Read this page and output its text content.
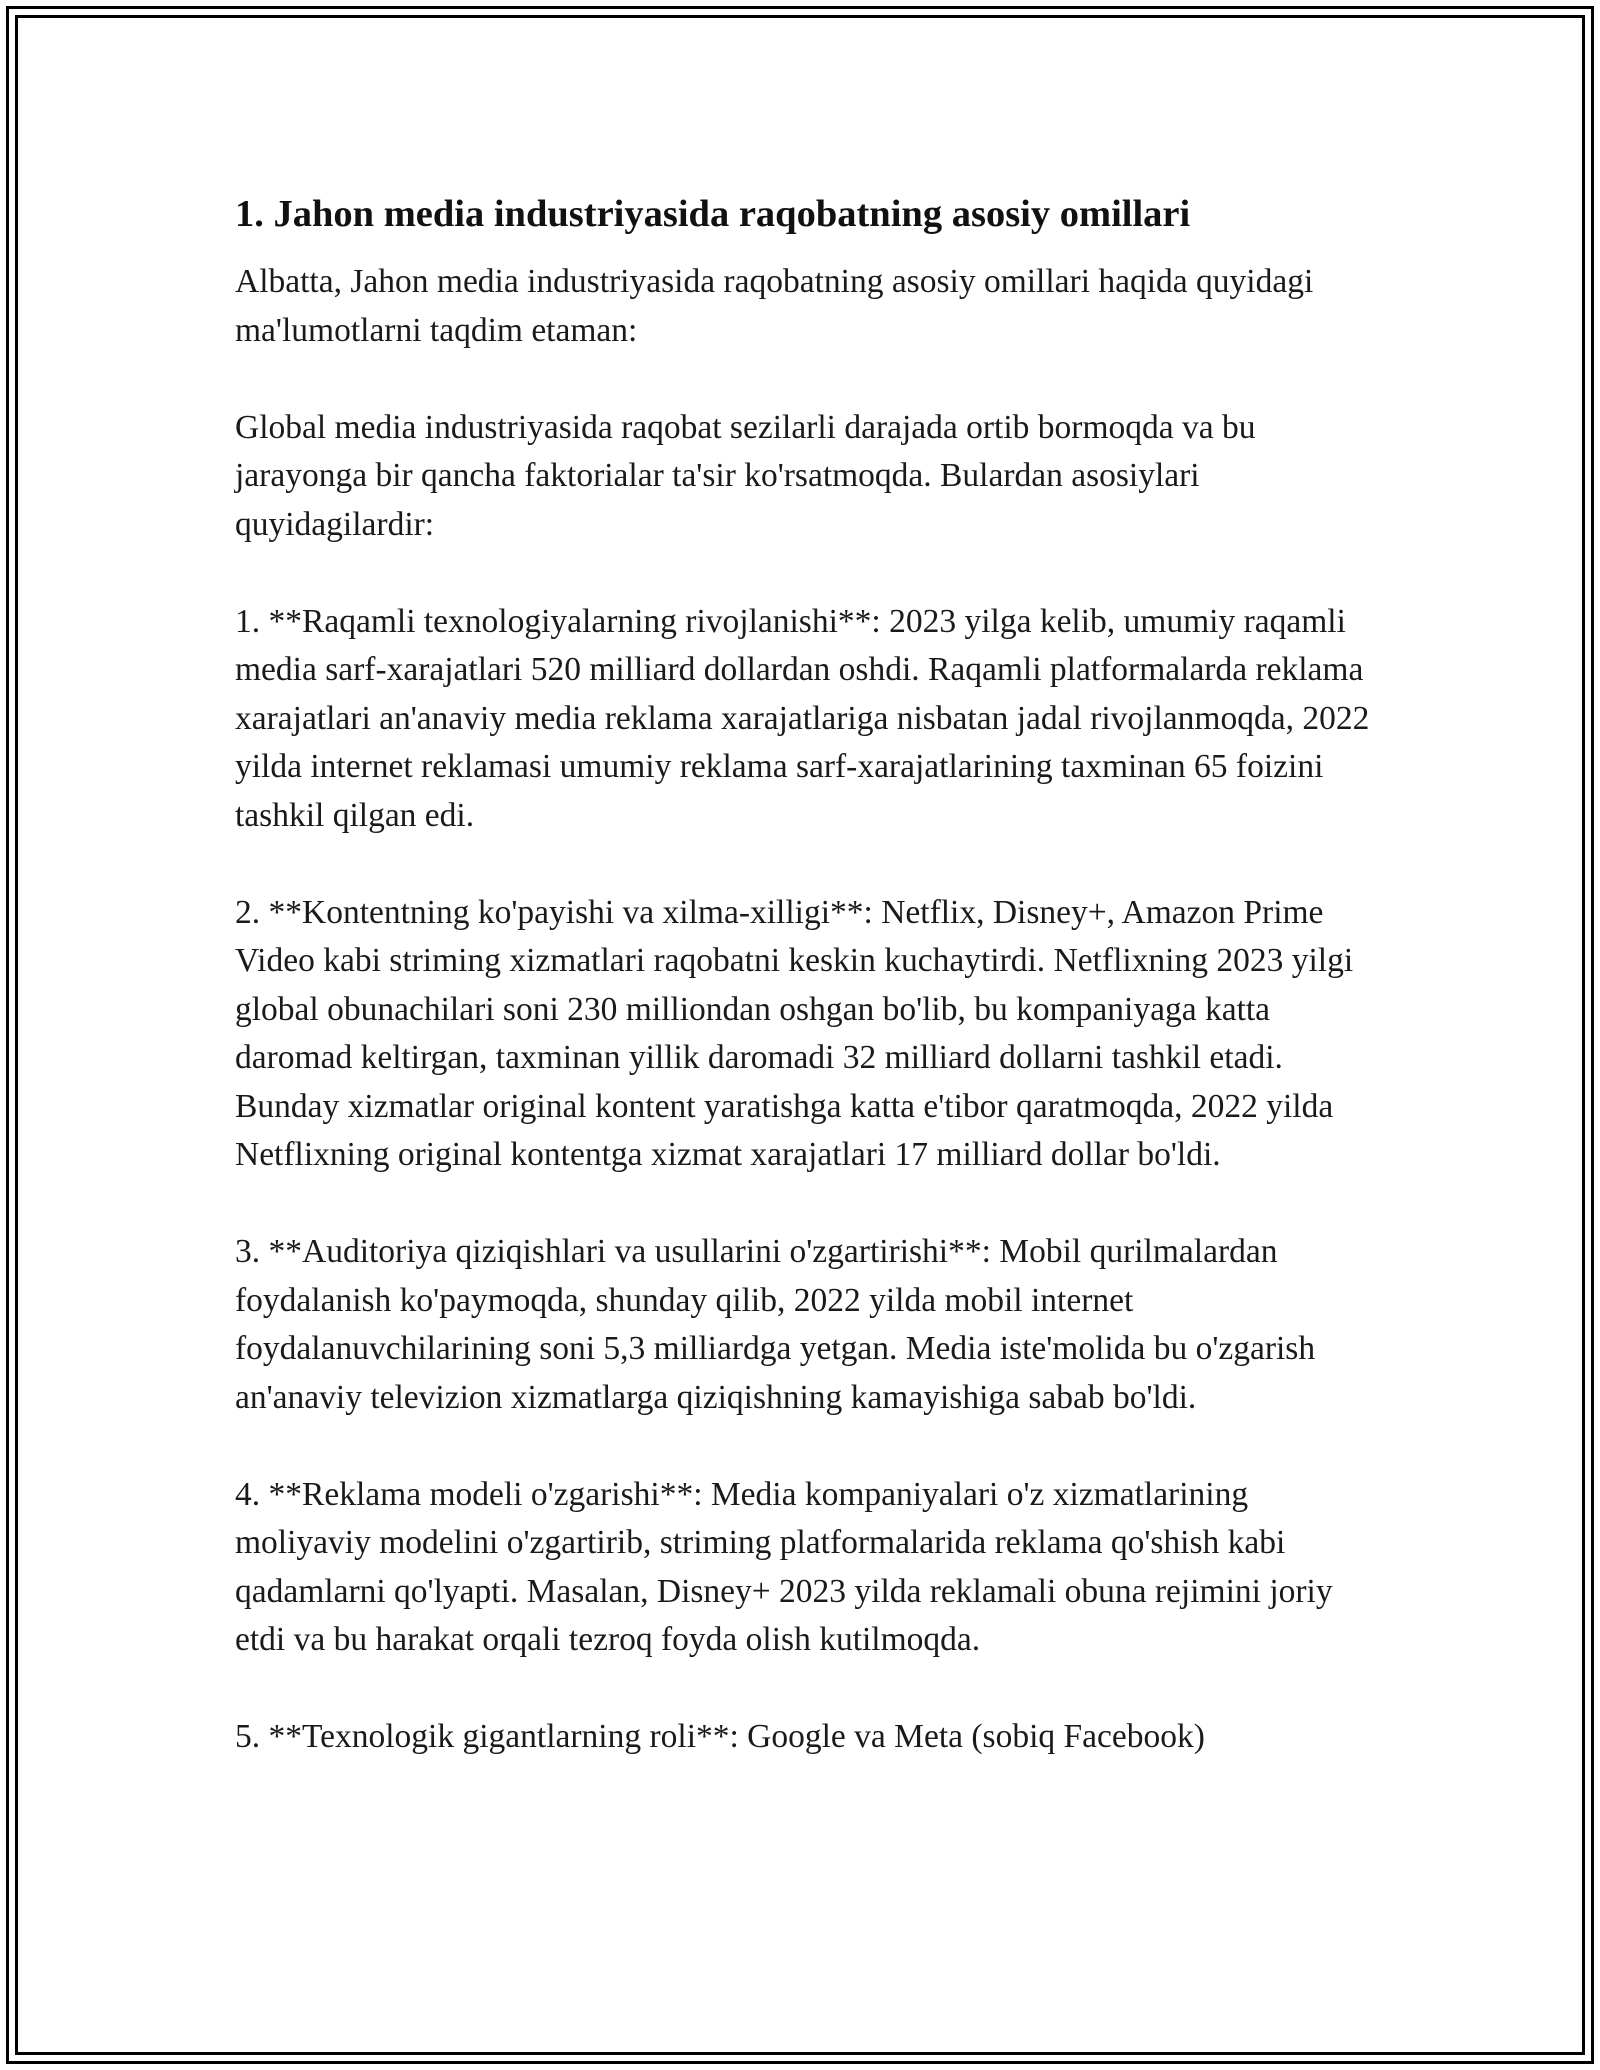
1. Jahon media industriyasida raqobatning asosiy omillari

Albatta, Jahon media industriyasida raqobatning asosiy omillari haqida quyidagi ma'lumotlarni taqdim etaman:

Global media industriyasida raqobat sezilarli darajada ortib bormoqda va bu jarayonga bir qancha faktorialar ta'sir ko'rsatmoqda. Bulardan asosiylari quyidagilardir:

1. **Raqamli texnologiyalarning rivojlanishi**: 2023 yilga kelib, umumiy raqamli media sarf-xarajatlari 520 milliard dollardan oshdi. Raqamli platformalarda reklama xarajatlari an'anaviy media reklama xarajatlariga nisbatan jadal rivojlanmoqda, 2022 yilda internet reklamasi umumiy reklama sarf-xarajatlarining taxminan 65 foizini tashkil qilgan edi.

2. **Kontentning ko'payishi va xilma-xilligi**: Netflix, Disney+, Amazon Prime Video kabi striming xizmatlari raqobatni keskin kuchaytirdi. Netflixning 2023 yilgi global obunachilari soni 230 milliondan oshgan bo'lib, bu kompaniyaga katta daromad keltirgan, taxminan yillik daromadi 32 milliard dollarni tashkil etadi. Bunday xizmatlar original kontent yaratishga katta e'tibor qaratmoqda, 2022 yilda Netflixning original kontentga xizmat xarajatlari 17 milliard dollar bo'ldi.

3. **Auditoriya qiziqishlari va usullarini o'zgartirishi**: Mobil qurilmalardan foydalanish ko'paymoqda, shunday qilib, 2022 yilda mobil internet foydalanuvchilarining soni 5,3 milliardga yetgan. Media iste'molida bu o'zgarish an'anaviy televizion xizmatlarga qiziqishning kamayishiga sabab bo'ldi.

4. **Reklama modeli o'zgarishi**: Media kompaniyalari o'z xizmatlarining moliyaviy modelini o'zgartirib, striming platformalarida reklama qo'shish kabi qadamlarni qo'lyapti. Masalan, Disney+ 2023 yilda reklamali obuna rejimini joriy etdi va bu harakat orqali tezroq foyda olish kutilmoqda.

5. **Texnologik gigantlarning roli**: Google va Meta (sobiq Facebook)
